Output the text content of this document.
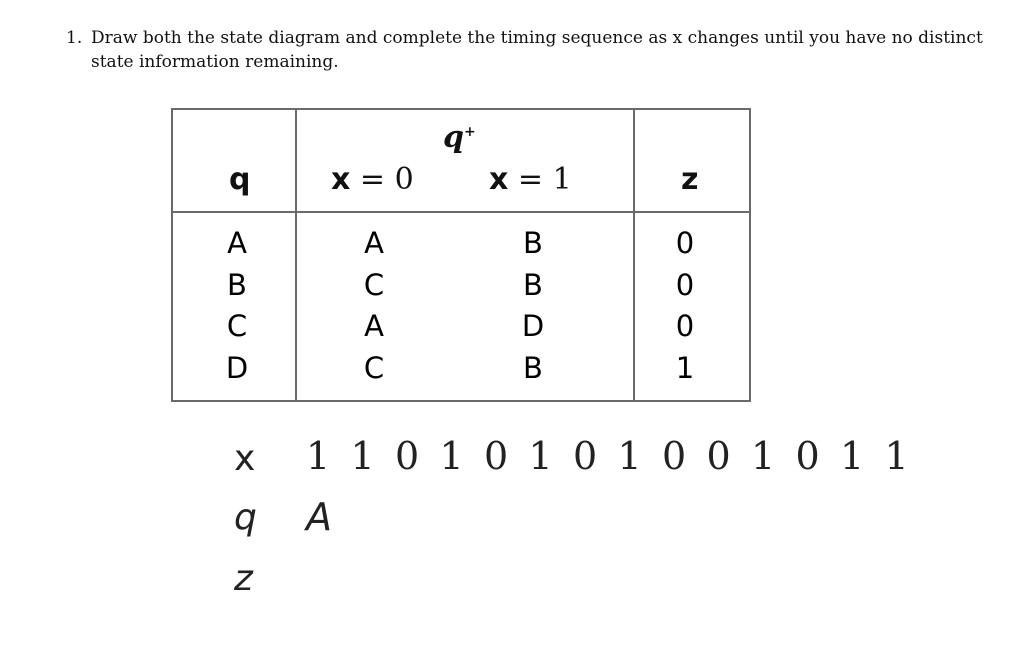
1. Draw both the state diagram and complete the timing sequence as x changes until you have no distinct state information remaining.
q
q+
x = 0	x = 1	z
A
B
C
D
A
C
A
C
B
B
D
B
0
0
0
1
x 1 1 0 1 0 1 0 1 0 0 1 0 1 1
q A
z
